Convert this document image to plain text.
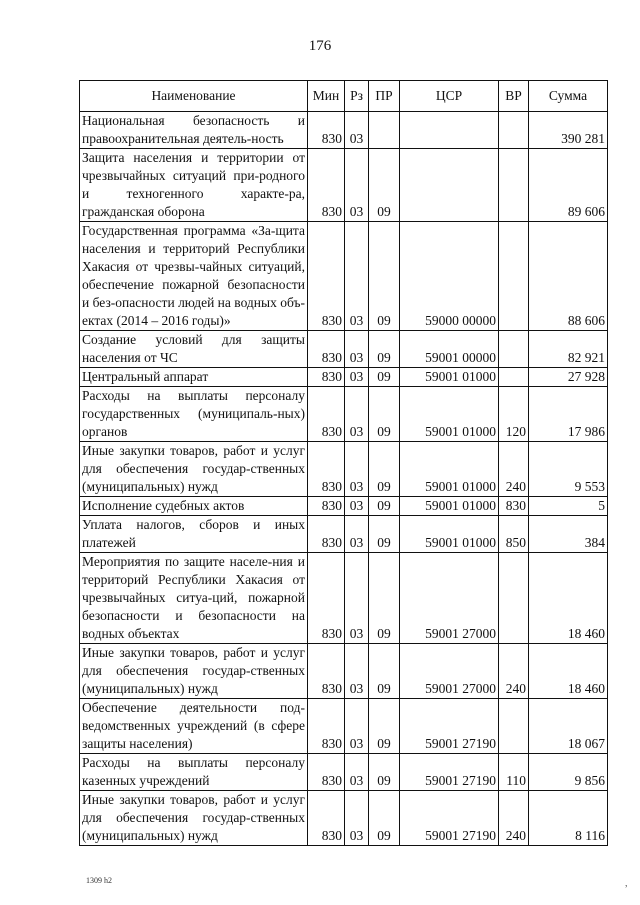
176
Наименование	Мин	Рз	ПР	ЦСР	ВР	Сумма
Национальная безопасность и правоохранительная деятель-ность	830	03				390 281
Защита населения и территории от чрезвычайных ситуаций при-родного и техногенного характе-ра, гражданская оборона	830	03	09			89 606
Государственная программа «За-щита населения и территорий Республики Хакасия от чрезвы-чайных ситуаций, обеспечение пожарной безопасности и без-опасности людей на водных объ-ектах (2014 – 2016 годы)»	830	03	09	59000 00000		88 606
Создание условий для защиты населения от ЧС	830	03	09	59001 00000		82 921
Центральный аппарат	830	03	09	59001 01000		27 928
Расходы на выплаты персоналу государственных (муниципаль-ных) органов	830	03	09	59001 01000	120	17 986
Иные закупки товаров, работ и услуг для обеспечения государ-ственных (муниципальных) нужд	830	03	09	59001 01000	240	9 553
Исполнение судебных актов	830	03	09	59001 01000	830	5
Уплата налогов, сборов и иных платежей	830	03	09	59001 01000	850	384
Мероприятия по защите населе-ния и территорий Республики Хакасия от чрезвычайных ситуа-ций, пожарной безопасности и безопасности на водных объектах	830	03	09	59001 27000		18 460
Иные закупки товаров, работ и услуг для обеспечения государ-ственных (муниципальных) нужд	830	03	09	59001 27000	240	18 460
Обеспечение деятельности под-ведомственных учреждений (в сфере защиты населения)	830	03	09	59001 27190		18 067
Расходы на выплаты персоналу казенных учреждений	830	03	09	59001 27190	110	9 856
Иные закупки товаров, работ и услуг для обеспечения государ-ственных (муниципальных) нужд	830	03	09	59001 27190	240	8 116
1309 h2	,
